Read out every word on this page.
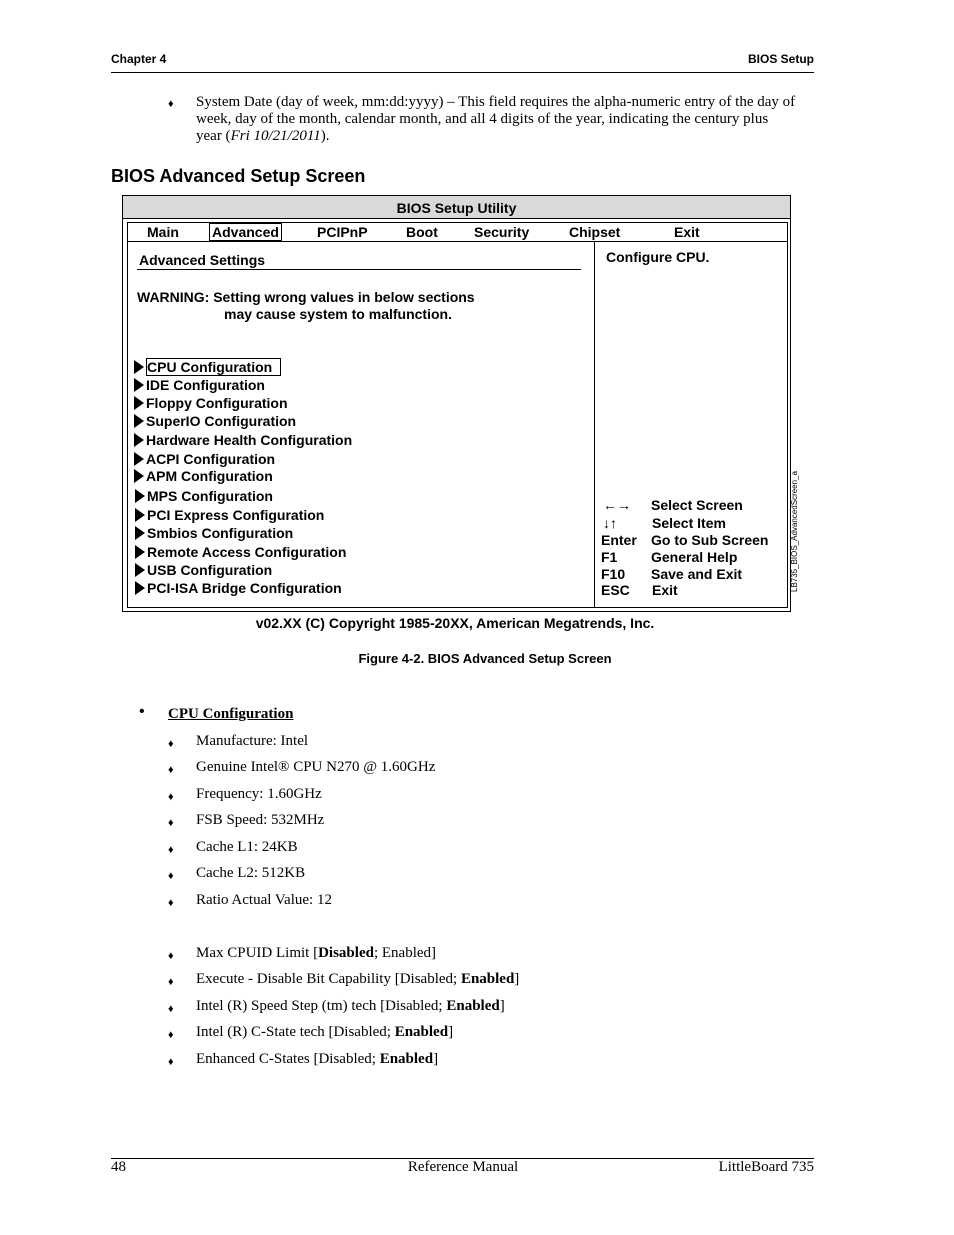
Chapter 4	BIOS Setup
♦ System Date (day of week, mm:dd:yyyy) – This field requires the alpha-numeric entry of the day of
week, day of the month, calendar month, and all 4 digits of the year, indicating the century plus
year (Fri 10/21/2011).
BIOS Advanced Setup Screen
BIOS Setup Utility
Main Advanced	PCIPnP	Boot	Security	Chipset	Exit
Advanced Settings
WARNING: Setting wrong values in below sections
may cause system to malfunction.
CPU Configuration
IDE Configuration
Floppy Configuration
SuperIO Configuration
Hardware Health Configuration
ACPI Configuration
APM Configuration
MPS Configuration
PCI Express Configuration
Smbios Configuration
Remote Access Configuration
USB Configuration
PCI-ISA Bridge Configuration
Configure CPU.
←→ Select Screen
↓↑	Select Item
Enter Go to Sub Screen
F1 General Help
F10 Save and Exit
ESC Exit	LB735_BIOS_AdvancedScreen_a
v02.XX (C) Copyright 1985-20XX, American Megatrends, Inc.
Figure 4-2. BIOS Advanced Setup Screen
• CPU Configuration
♦ Manufacture: Intel
♦ Genuine Intel® CPU N270 @ 1.60GHz
♦ Frequency: 1.60GHz
♦ FSB Speed: 532MHz
♦ Cache L1: 24KB
♦ Cache L2: 512KB
♦ Ratio Actual Value: 12
♦ Max CPUID Limit [Disabled; Enabled]
♦ Execute - Disable Bit Capability [Disabled; Enabled]
♦ Intel (R) Speed Step (tm) tech [Disabled; Enabled]
♦ Intel (R) C-State tech [Disabled; Enabled]
♦ Enhanced C-States [Disabled; Enabled]
48	Reference Manual	LittleBoard 735
